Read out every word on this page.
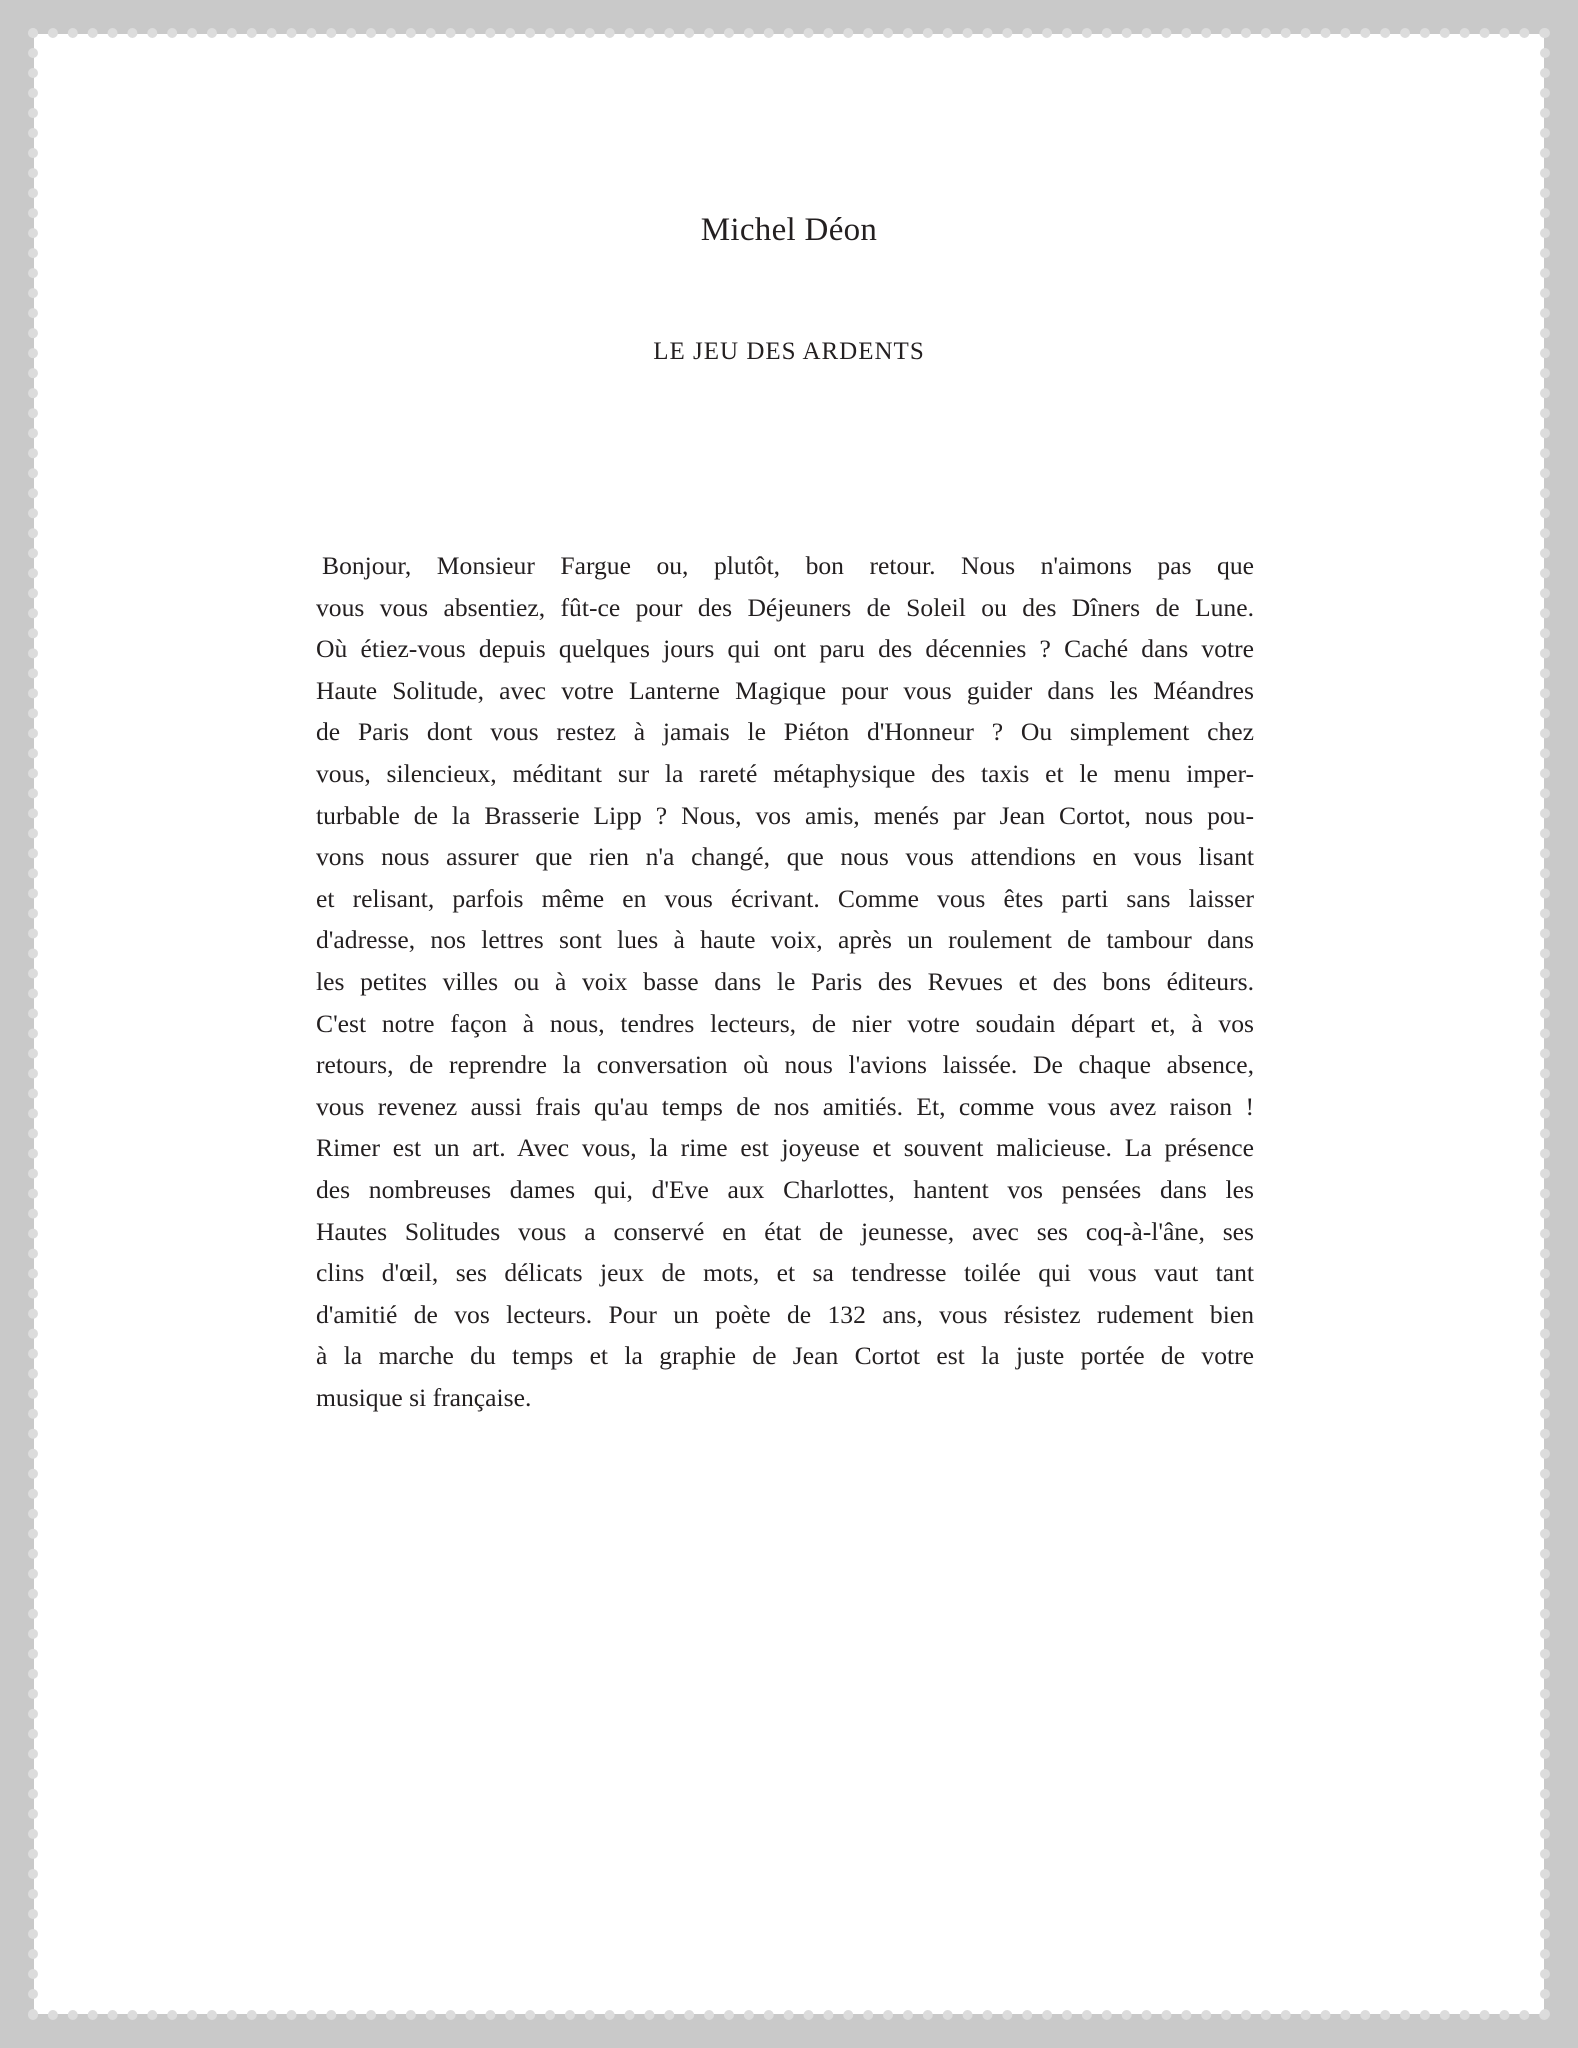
Michel Déon
LE JEU DES ARDENTS
Bonjour, Monsieur Fargue ou, plutôt, bon retour. Nous n'aimons pas que
vous vous absentiez, fût-ce pour des Déjeuners de Soleil ou des Dîners de Lune.
Où étiez-vous depuis quelques jours qui ont paru des décennies ? Caché dans votre
Haute Solitude, avec votre Lanterne Magique pour vous guider dans les Méandres
de Paris dont vous restez à jamais le Piéton d'Honneur ? Ou simplement chez
vous, silencieux, méditant sur la rareté métaphysique des taxis et le menu imper-
turbable de la Brasserie Lipp ? Nous, vos amis, menés par Jean Cortot, nous pou-
vons nous assurer que rien n'a changé, que nous vous attendions en vous lisant
et relisant, parfois même en vous écrivant. Comme vous êtes parti sans laisser
d'adresse, nos lettres sont lues à haute voix, après un roulement de tambour dans
les petites villes ou à voix basse dans le Paris des Revues et des bons éditeurs.
C'est notre façon à nous, tendres lecteurs, de nier votre soudain départ et, à vos
retours, de reprendre la conversation où nous l'avions laissée. De chaque absence,
vous revenez aussi frais qu'au temps de nos amitiés. Et, comme vous avez raison !
Rimer est un art. Avec vous, la rime est joyeuse et souvent malicieuse. La présence
des nombreuses dames qui, d'Eve aux Charlottes, hantent vos pensées dans les
Hautes Solitudes vous a conservé en état de jeunesse, avec ses coq-à-l'âne, ses
clins d'œil, ses délicats jeux de mots, et sa tendresse toilée qui vous vaut tant
d'amitié de vos lecteurs. Pour un poète de 132 ans, vous résistez rudement bien
à la marche du temps et la graphie de Jean Cortot est la juste portée de votre
musique si française.
